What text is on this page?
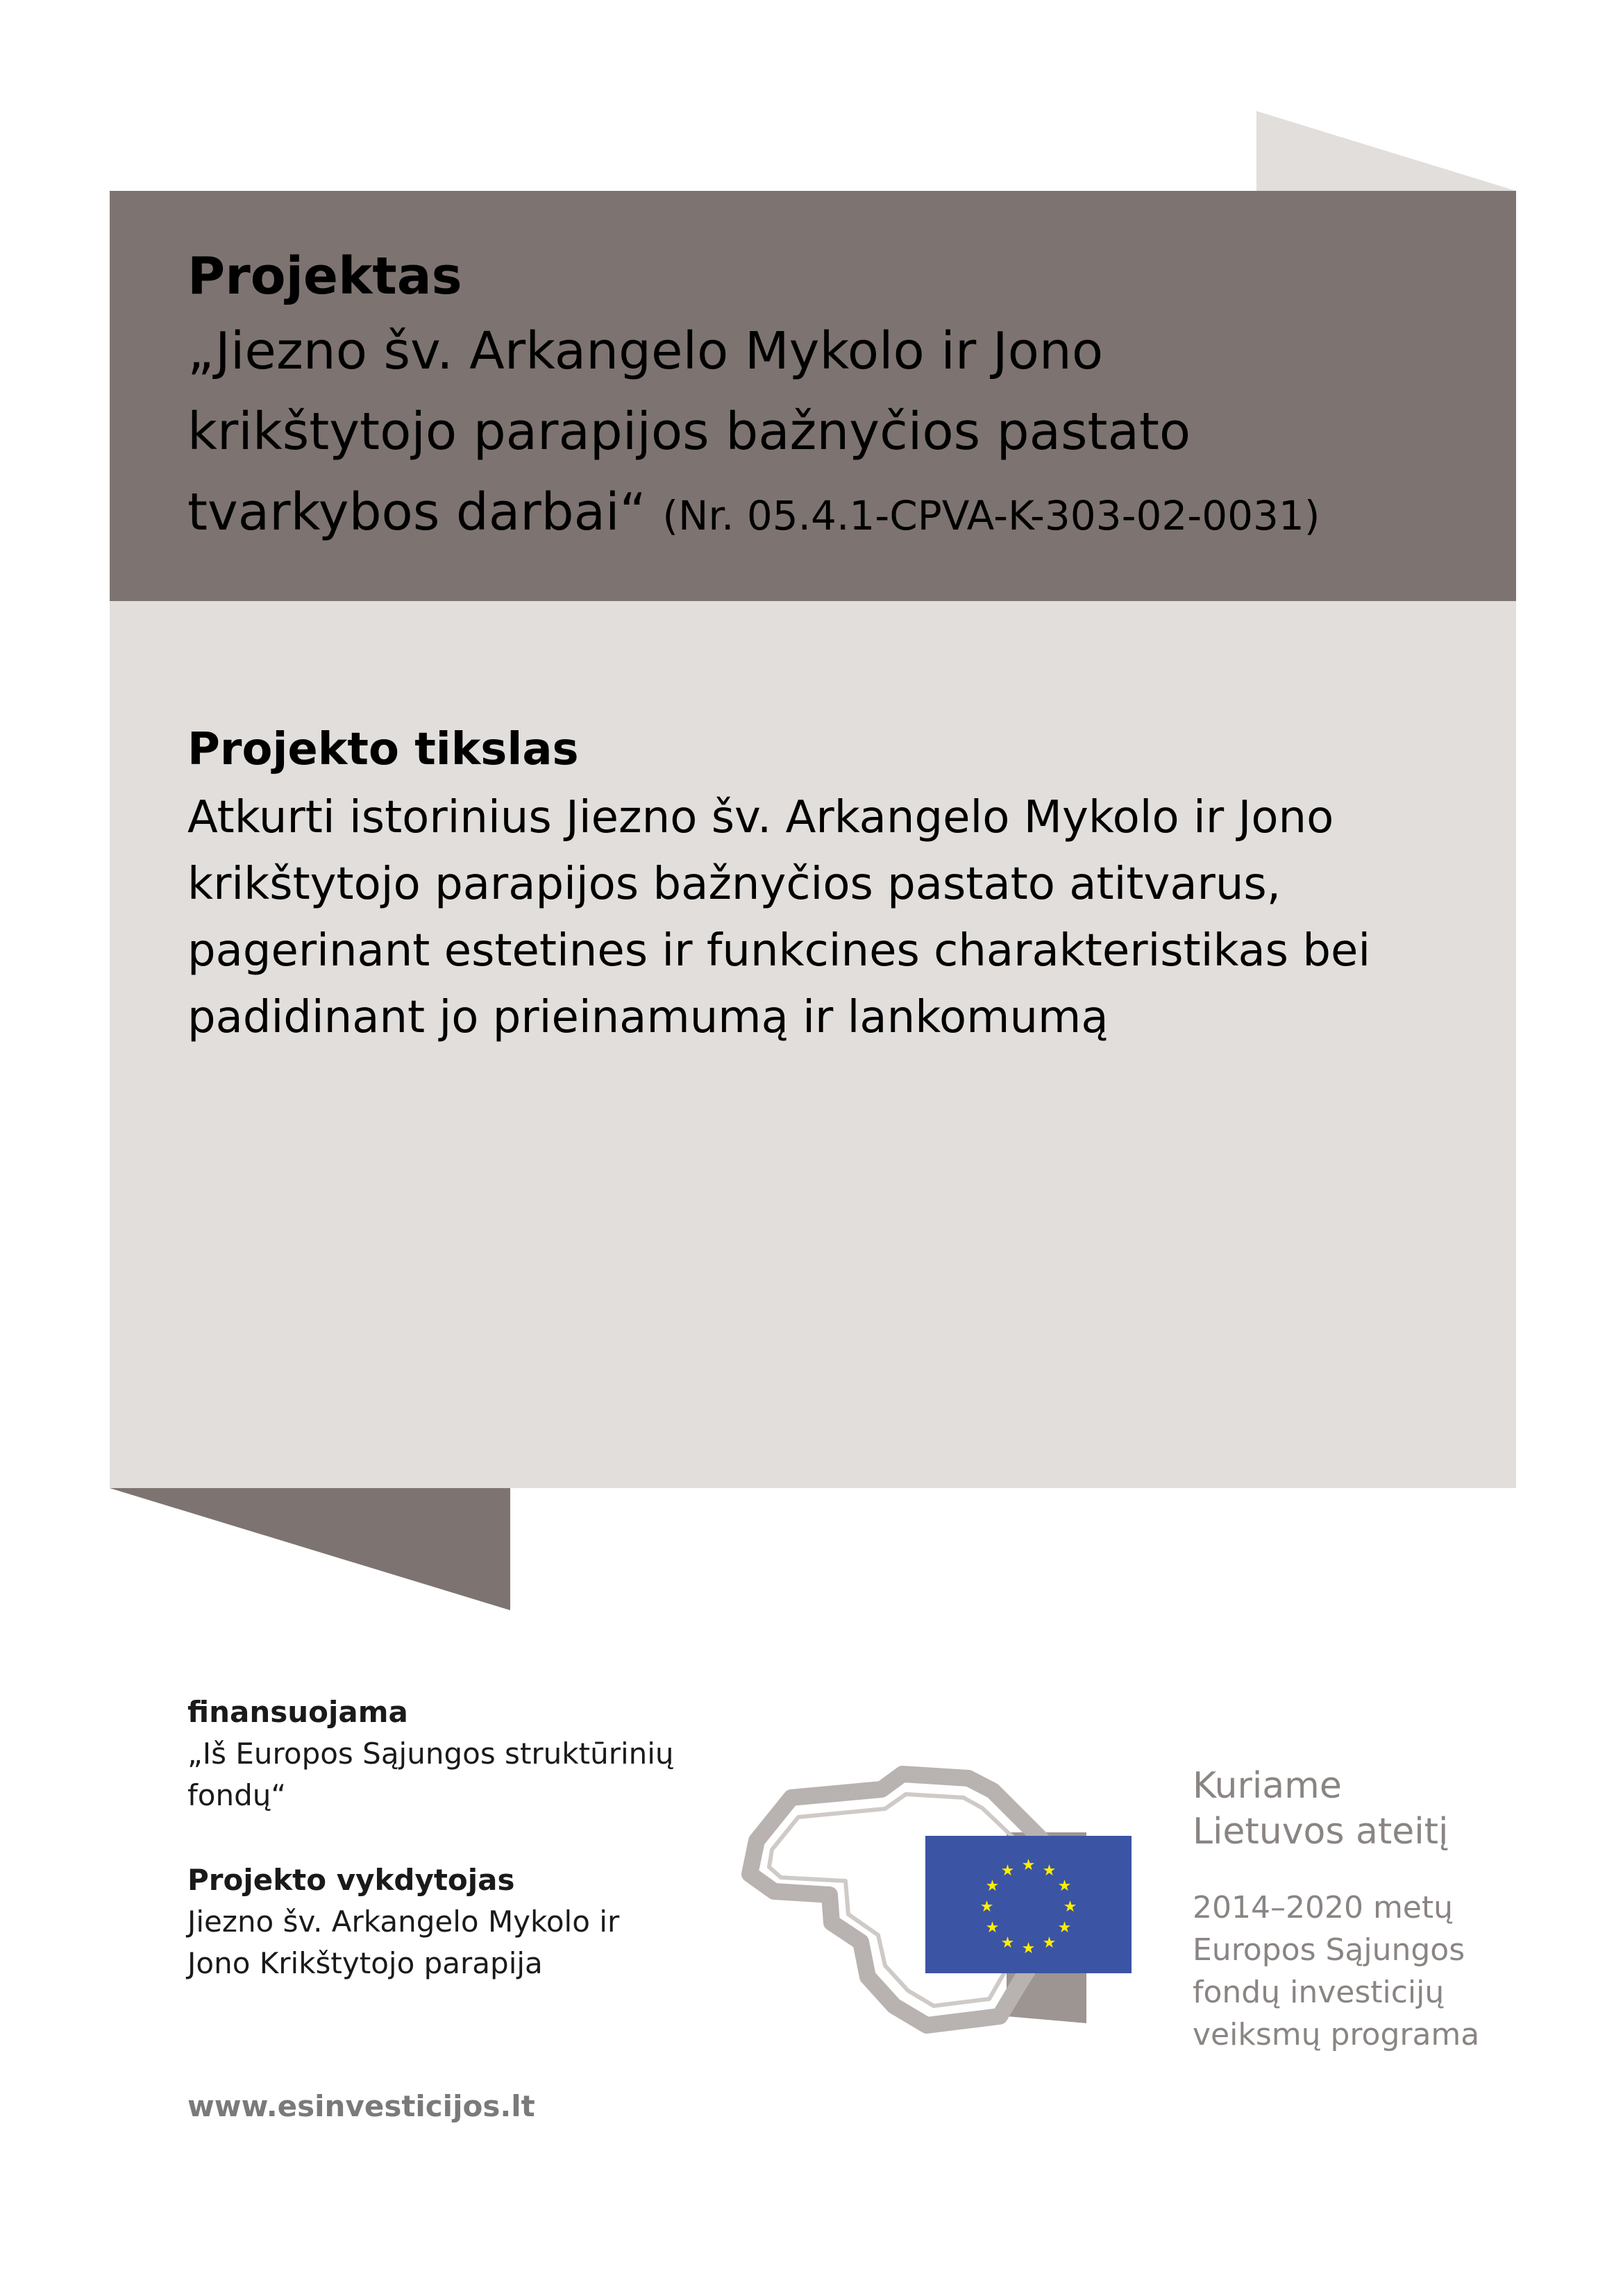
★ ★
★
★
★
★
★
★
★
★
★
★

Projektas

„Jiezno šv. Arkangelo Mykolo ir Jono

krikštytojo parapijos bažnyčios pastato

tvarkybos darbai“ (Nr. 05.4.1-CPVA-K-303-02-0031)

Projekto tikslas

Atkurti istorinius Jiezno šv. Arkangelo Mykolo ir Jono

krikštytojo parapijos bažnyčios pastato atitvarus,

pagerinant estetines ir funkcines charakteristikas bei

padidinant jo prieinamumą ir lankomumą

finansuojama

„Iš Europos Sąjungos struktūrinių

fondų“

Projekto vykdytojas

Jiezno šv. Arkangelo Mykolo ir

Jono Krikštytojo parapija

www.esinvesticijos.lt

Kuriame

Lietuvos ateitį

2014–2020 metų

Europos Sąjungos

fondų investicijų

veiksmų programa
